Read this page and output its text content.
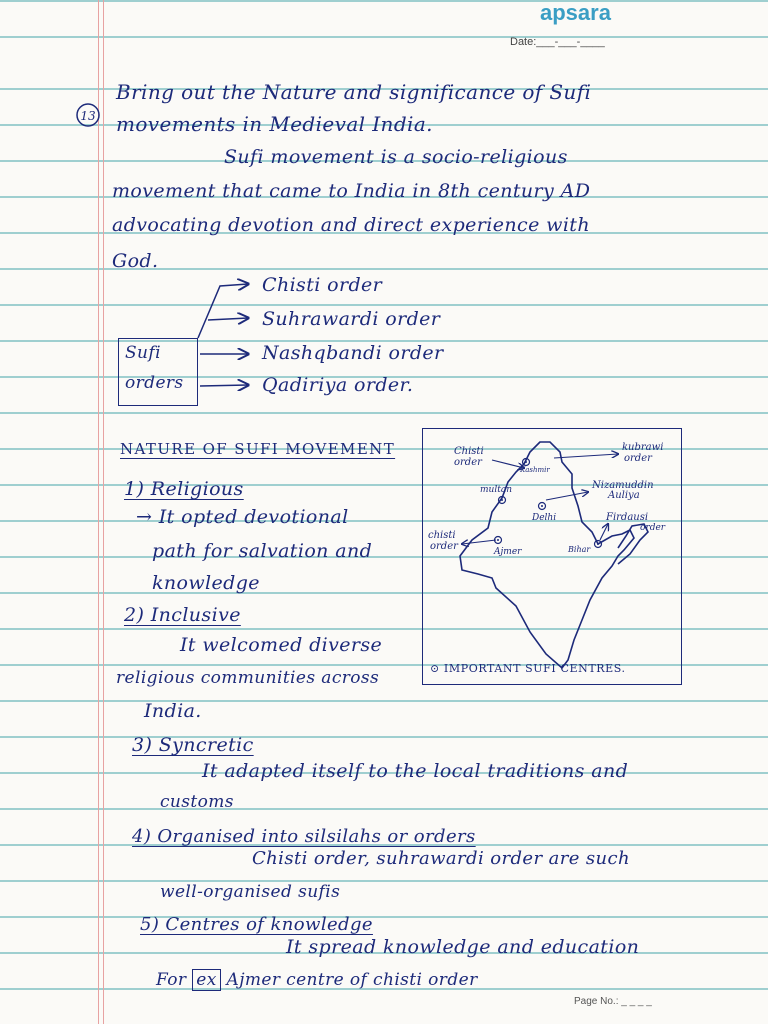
apsara
Date:___-___-____
13
Bring out the Nature and significance of Sufi
movements in Medieval India.
Sufi movement is a socio-religious
movement that came to India in 8th century AD
advocating devotion and direct experience with
God.
Sufi
orders
Chisti order
Suhrawardi order
Nashqbandi order
Qadiriya order.
NATURE OF SUFI MOVEMENT
1) Religious
→ It opted devotional
path for salvation and
knowledge
2) Inclusive
It welcomed diverse
religious communities across
India.
Chisti
order
Kashmir
kubrawi
order
multan	Nizamuddin
Auliya
Delhi	Firdausi
order
chisti
order	Ajmer	Bihar
⊙ IMPORTANT SUFI CENTRES.
3) Syncretic
It adapted itself to the local traditions and
customs
4) Organised into silsilahs or orders
Chisti order, suhrawardi order are such
well-organised sufis
5) Centres of knowledge
It spread knowledge and education
For ex Ajmer centre of chisti order
Page No.: _ _ _ _
